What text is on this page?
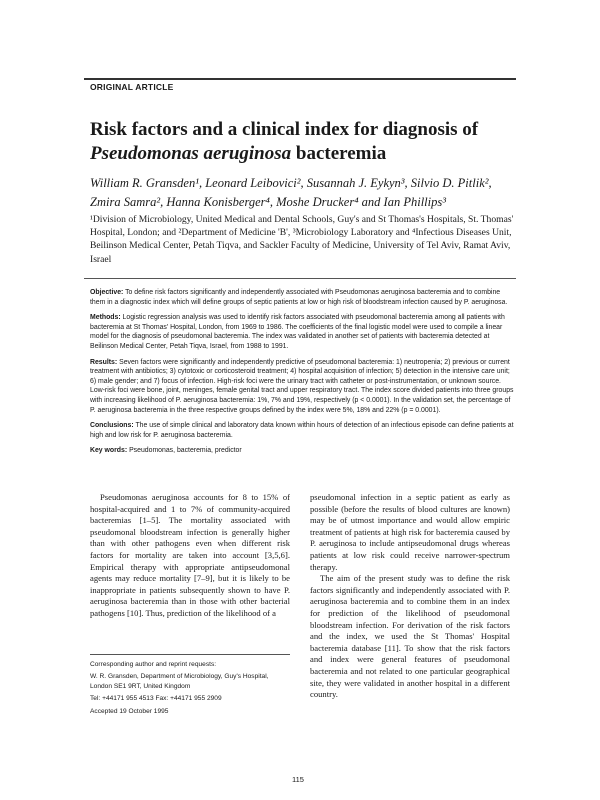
ORIGINAL ARTICLE
Risk factors and a clinical index for diagnosis of
Pseudomonas aeruginosa bacteremia

William R. Gransden¹, Leonard Leibovici², Susannah J. Eykyn³, Silvio D. Pitlik²,
Zmira Samra², Hanna Konisberger⁴, Moshe Drucker⁴ and Ian Phillips³

¹Division of Microbiology, United Medical and Dental Schools, Guy's and St Thomas's Hospitals, St. Thomas' Hospital, London; and ²Department of Medicine 'B', ³Microbiology Laboratory and ⁴Infectious Diseases Unit, Beilinson Medical Center, Petah Tiqva, and Sackler Faculty of Medicine, University of Tel Aviv, Ramat Aviv, Israel

Objective: To define risk factors significantly and independently associated with Pseudomonas aeruginosa bacteremia and to combine them in a diagnostic index which will define groups of septic patients at low or high risk of bloodstream infection caused by P. aeruginosa.

Methods: Logistic regression analysis was used to identify risk factors associated with pseudomonal bacteremia among all patients with bacteremia at St Thomas' Hospital, London, from 1969 to 1986. The coefficients of the final logistic model were used to compile a linear model for the diagnosis of pseudomonal bacteremia. The index was validated in another set of patients with bacteremia detected at Beilinson Medical Center, Petah Tiqva, Israel, from 1988 to 1991.

Results: Seven factors were significantly and independently predictive of pseudomonal bacteremia: 1) neutropenia; 2) previous or current treatment with antibiotics; 3) cytotoxic or corticosteroid treatment; 4) hospital acquisition of infection; 5) detection in the intensive care unit; 6) male gender; and 7) focus of infection. High-risk foci were the urinary tract with catheter or post-instrumentation, or unknown source. Low-risk foci were bone, joint, meninges, female genital tract and upper respiratory tract. The index score divided patients into three groups with increasing likelihood of P. aeruginosa bacteremia: 1%, 7% and 19%, respectively (p < 0.0001). In the validation set, the percentage of P. aeruginosa bacteremia in the three respective groups defined by the index were 5%, 18% and 22% (p = 0.0001).

Conclusions: The use of simple clinical and laboratory data known within hours of detection of an infectious episode can define patients at high and low risk for P. aeruginosa bacteremia.

Key words: Pseudomonas, bacteremia, predictor

Pseudomonas aeruginosa accounts for 8 to 15% of hospital-acquired and 1 to 7% of community-acquired bacteremias [1–5]. The mortality associated with pseudomonal bloodstream infection is generally higher than with other pathogens even when different risk factors for mortality are taken into account [3,5,6]. Empirical therapy with appropriate antipseudomonal agents may reduce mortality [7–9], but it is likely to be inappropriate in patients subsequently shown to have P. aeruginosa bacteremia than in those with other bacterial pathogens [10]. Thus, prediction of the likelihood of a

pseudomonal infection in a septic patient as early as possible (before the results of blood cultures are known) may be of utmost importance and would allow empiric treatment of patients at high risk for bacteremia caused by P. aeruginosa to include antipseudomonal drugs whereas patients at low risk could receive narrower-spectrum therapy.

The aim of the present study was to define the risk factors significantly and independently associated with P. aeruginosa bacteremia and to combine them in an index for prediction of the likelihood of pseudomonal bloodstream infection. For derivation of the risk factors and the index, we used the St Thomas' Hospital bacteremia database [11]. To show that the risk factors and index were general features of pseudomonal bacteremia and not related to one particular geographical site, they were validated in another hospital in a different country.

Corresponding author and reprint requests:

W. R. Gransden, Department of Microbiology, Guy's Hospital,
London SE1 9RT, United Kingdom

Tel: +44171 955 4513 Fax: +44171 955 2909

Accepted 19 October 1995

115
